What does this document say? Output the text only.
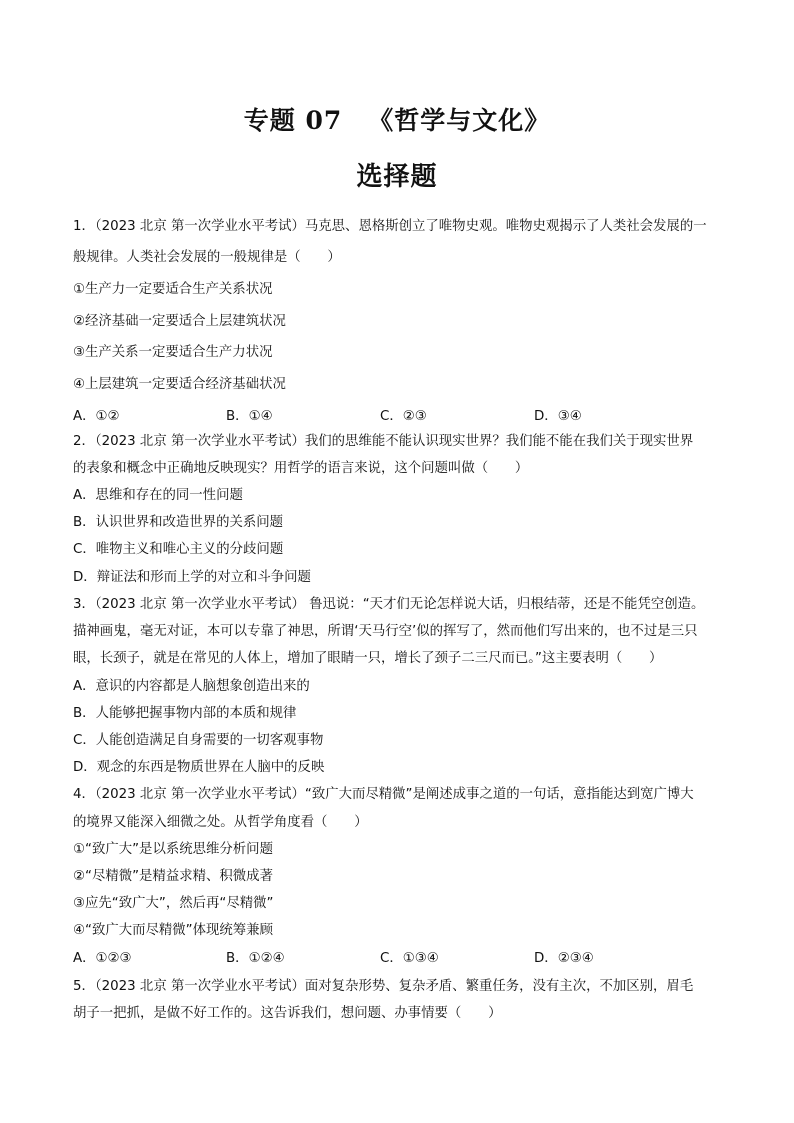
专题 07 《哲学与文化》
选择题
1．（2023 北京 第一次学业水平考试）马克思、恩格斯创立了唯物史观。唯物史观揭示了人类社会发展的一
般规律。人类社会发展的一般规律是（　　）
①生产力一定要适合生产关系状况
②经济基础一定要适合上层建筑状况
③生产关系一定要适合生产力状况
④上层建筑一定要适合经济基础状况
A．①②	B．①④	C．②③	D．③④
2．（2023 北京 第一次学业水平考试）我们的思维能不能认识现实世界？我们能不能在我们关于现实世界
的表象和概念中正确地反映现实？用哲学的语言来说，这个问题叫做（　　）
A．思维和存在的同一性问题
B．认识世界和改造世界的关系问题
C．唯物主义和唯心主义的分歧问题
D．辩证法和形而上学的对立和斗争问题
3．（2023 北京 第一次学业水平考试） 鲁迅说：“天才们无论怎样说大话，归根结蒂，还是不能凭空创造。
描神画鬼，毫无对证，本可以专靠了神思，所谓‘天马行空’似的挥写了，然而他们写出来的，也不过是三只
眼，长颈子，就是在常见的人体上，增加了眼睛一只，增长了颈子二三尺而已。”这主要表明（　　）
A．意识的内容都是人脑想象创造出来的
B．人能够把握事物内部的本质和规律
C．人能创造满足自身需要的一切客观事物
D．观念的东西是物质世界在人脑中的反映
4．（2023 北京 第一次学业水平考试）“致广大而尽精微”是阐述成事之道的一句话，意指能达到宽广博大
的境界又能深入细微之处。从哲学角度看（　　）
①“致广大”是以系统思维分析问题
②“尽精微”是精益求精、积微成著
③应先“致广大”，然后再“尽精微”
④“致广大而尽精微”体现统筹兼顾
A．①②③	B．①②④	C．①③④	D．②③④
5．（2023 北京 第一次学业水平考试）面对复杂形势、复杂矛盾、繁重任务，没有主次，不加区别，眉毛
胡子一把抓，是做不好工作的。这告诉我们，想问题、办事情要（　　）
